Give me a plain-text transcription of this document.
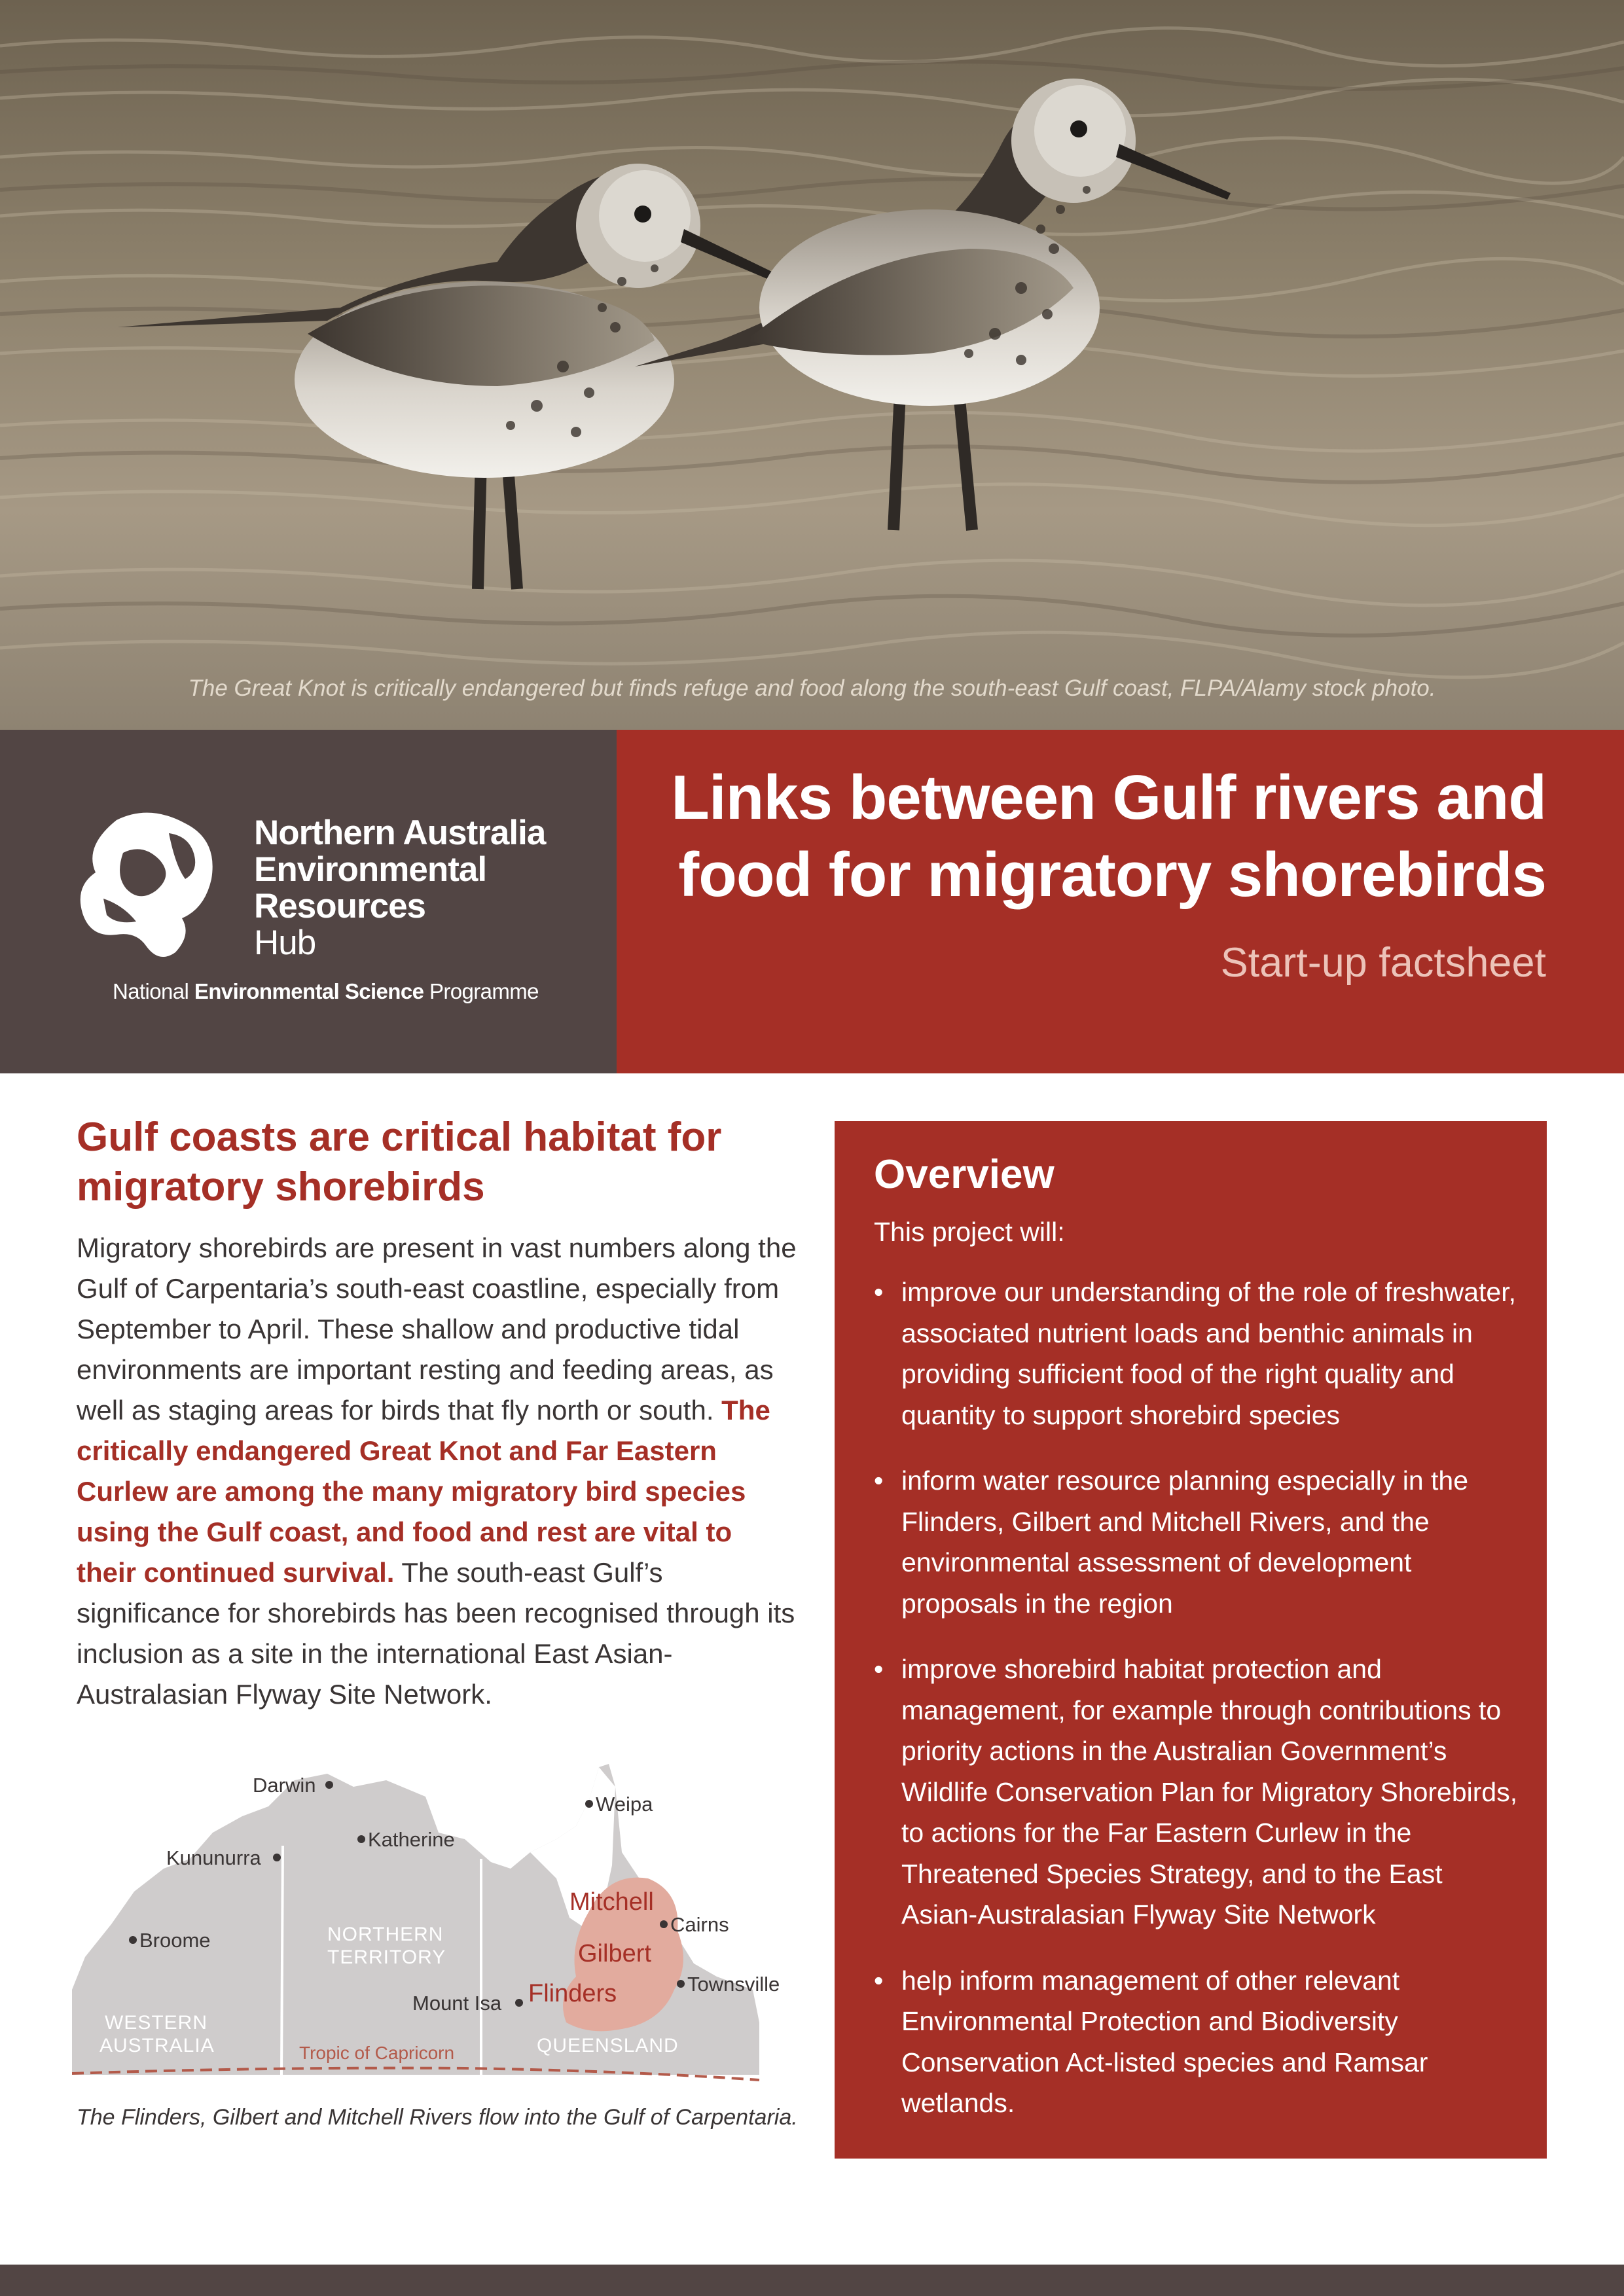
The Great Knot is critically endangered but finds refuge and food along the south-east Gulf coast, FLPA/Alamy stock photo.
Northern Australia
Environmental
Resources
Hub
National Environmental Science Programme
Links between Gulf rivers and
food for migratory shorebirds
Start-up factsheet
Gulf coasts are critical habitat for
migratory shorebirds
Migratory shorebirds are present in vast numbers along the Gulf of Carpentaria’s south-east coastline, especially from September to April. These shallow and productive tidal environments are important resting and feeding areas, as well as staging areas for birds that fly north or south. The critically endangered Great Knot and Far Eastern Curlew are among the many migratory bird species using the Gulf coast, and food and rest are vital to their continued survival. The south-east Gulf’s significance for shorebirds has been recognised through its inclusion as a site in the international East Asian-Australasian Flyway Site Network.
Darwin
Katherine
Kununurra
Broome
Mount Isa
Weipa
Cairns
Townsville
NORTHERN
TERRITORY
WESTERN
AUSTRALIA	QUEENSLAND
Mitchell
Gilbert
Flinders
Tropic of Capricorn
The Flinders, Gilbert and Mitchell Rivers flow into the Gulf of Carpentaria.
Overview
This project will:
• improve our understanding of the role of freshwater, associated nutrient loads and benthic animals in providing sufficient food of the right quality and quantity to support shorebird species
• inform water resource planning especially in the Flinders, Gilbert and Mitchell Rivers, and the environmental assessment of development proposals in the region
• improve shorebird habitat protection and management, for example through contributions to priority actions in the Australian Government’s Wildlife Conservation Plan for Migratory Shorebirds, to actions for the Far Eastern Curlew in the Threatened Species Strategy, and to the East Asian-Australasian Flyway Site Network
• help inform management of other relevant Environmental Protection and Biodiversity Conservation Act-listed species and Ramsar wetlands.
